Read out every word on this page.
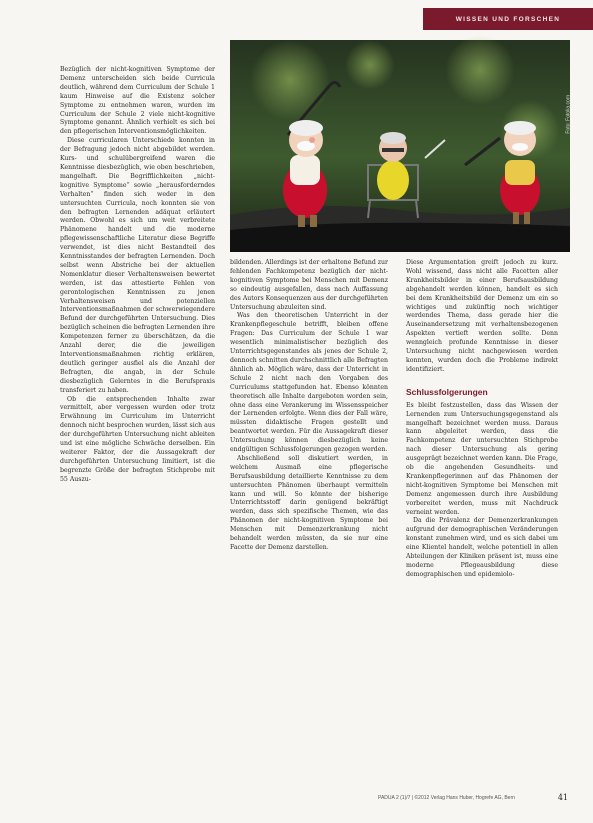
WISSEN UND FORSCHEN
Foto: Fotolia.com

Bezüglich der nicht-kognitiven Symptome der Demenz unterscheiden sich beide Curricula deutlich, während dem Curriculum der Schule 1 kaum Hinweise auf die Existenz solcher Symptome zu entnehmen waren, wurden im Curriculum der Schule 2 viele nicht-kognitive Symptome genannt. Ähnlich verhielt es sich bei den pflegerischen Interventionsmöglichkeiten.

Diese curricularen Unterschiede konnten in der Befragung jedoch nicht abgebildet werden. Kurs- und schulübergreifend waren die Kenntnisse diesbezüglich, wie oben beschrieben, mangelhaft. Die Begrifflichkeiten „nicht-kognitive Symptome“ sowie „herausforderndes Verhalten“ finden sich weder in den untersuchten Curricula, noch konnten sie von den befragten Lernenden adäquat erläutert werden. Obwohl es sich um weit verbreitete Phänomene handelt und die moderne pflegewissenschaftliche Literatur diese Begriffe verwendet, ist dies nicht Bestandteil des Kenntnisstandes der befragten Lernenden. Doch selbst wenn Abstriche bei der aktuellen Nomenklatur dieser Verhaltensweisen bewertet werden, ist das attestierte Fehlen von gerontologischen Kenntnissen zu jenen Verhaltensweisen und potenziellen Interventionsmaßnahmen der schwerwiegendere Befund der durchgeführten Untersuchung. Dies bezüglich scheinen die befragten Lernenden ihre Kompetenzen ferner zu überschätzen, da die Anzahl derer, die die jeweiligen Interventionsmaßnahmen richtig erklären, deutlich geringer ausfiel als die Anzahl der Befragten, die angab, in der Schule diesbezüglich Gelerntes in die Berufspraxis transferiert zu haben.

Ob die entsprechenden Inhalte zwar vermittelt, aber vergessen wurden oder trotz Erwähnung im Curriculum im Unterricht dennoch nicht besprochen wurden, lässt sich aus der durchgeführten Untersuchung nicht ableiten und ist eine mögliche Schwäche derselben. Ein weiterer Faktor, der die Aussagekraft der durchgeführten Untersuchung limitiert, ist die begrenzte Größe der befragten Stichprobe mit 55 Auszu-

bildenden. Allerdings ist der erhaltene Befund zur fehlenden Fachkompetenz bezüglich der nicht-kognitiven Symptome bei Menschen mit Demenz so eindeutig ausgefallen, dass nach Auffassung des Autors Konsequenzen aus der durchgeführten Untersuchung abzuleiten sind.

Was den theoretischen Unterricht in der Krankenpflegeschule betrifft, bleiben offene Fragen: Das Curriculum der Schule 1 war wesentlich minimalistischer bezüglich des Unterrichtsgegenstandes als jenes der Schule 2, dennoch schnitten durchschnittlich alle Befragten ähnlich ab. Möglich wäre, dass der Unterricht in Schule 2 nicht nach den Vorgaben des Curriculums stattgefunden hat. Ebenso könnten theoretisch alle Inhalte dargeboten worden sein, ohne dass eine Verankerung im Wissensspeicher der Lernenden erfolgte. Wenn dies der Fall wäre, müssten didaktische Fragen gestellt und beantwortet werden. Für die Aussagekraft dieser Untersuchung können diesbezüglich keine endgültigen Schlussfolgerungen gezogen werden.

Abschließend soll diskutiert werden, in welchem Ausmaß eine pflegerische Berufsausbildung detaillierte Kenntnisse zu dem untersuchten Phänomen überhaupt vermitteln kann und will. So könnte der bisherige Unterrichtsstoff darin genügend bekräftigt werden, dass sich spezifische Themen, wie das Phänomen der nicht-kognitiven Symptome bei Menschen mit Demenzerkrankung nicht behandelt werden müssten, da sie nur eine Facette der Demenz darstellen.

Diese Argumentation greift jedoch zu kurz. Wohl wissend, dass nicht alle Facetten aller Krankheitsbilder in einer Berufsausbildung abgehandelt werden können, handelt es sich bei dem Krankheitsbild der Demenz um ein so wichtiges und zukünftig noch wichtiger werdendes Thema, dass gerade hier die Auseinandersetzung mit verhaltensbezogenen Aspekten vertieft werden sollte. Denn wenngleich profunde Kenntnisse in dieser Untersuchung nicht nachgewiesen werden konnten, wurden doch die Probleme indirekt identifiziert.

Schlussfolgerungen

Es bleibt festzustellen, dass das Wissen der Lernenden zum Untersuchungsgegenstand als mangelhaft bezeichnet werden muss. Daraus kann abgeleitet werden, dass die Fachkompetenz der untersuchten Stichprobe nach dieser Untersuchung als gering ausgeprägt bezeichnet werden kann. Die Frage, ob die angehenden Gesundheits- und Krankenpflegerinnen auf das Phänomen der nicht-kognitiven Symptome bei Menschen mit Demenz angemessen durch ihre Ausbildung vorbereitet werden, muss mit Nachdruck verneint werden.

Da die Prävalenz der Demenzerkrankungen aufgrund der demographischen Veränderungen konstant zunehmen wird, und es sich dabei um eine Klientel handelt, welche potentiell in allen Abteilungen der Kliniken präsent ist, muss eine moderne Pflegeausbildung diese demographischen und epidemiolo-

PADUA 2 (1)/7 | ©2012 Verlag Hans Huber, Hogrefe AG, Bern	41
